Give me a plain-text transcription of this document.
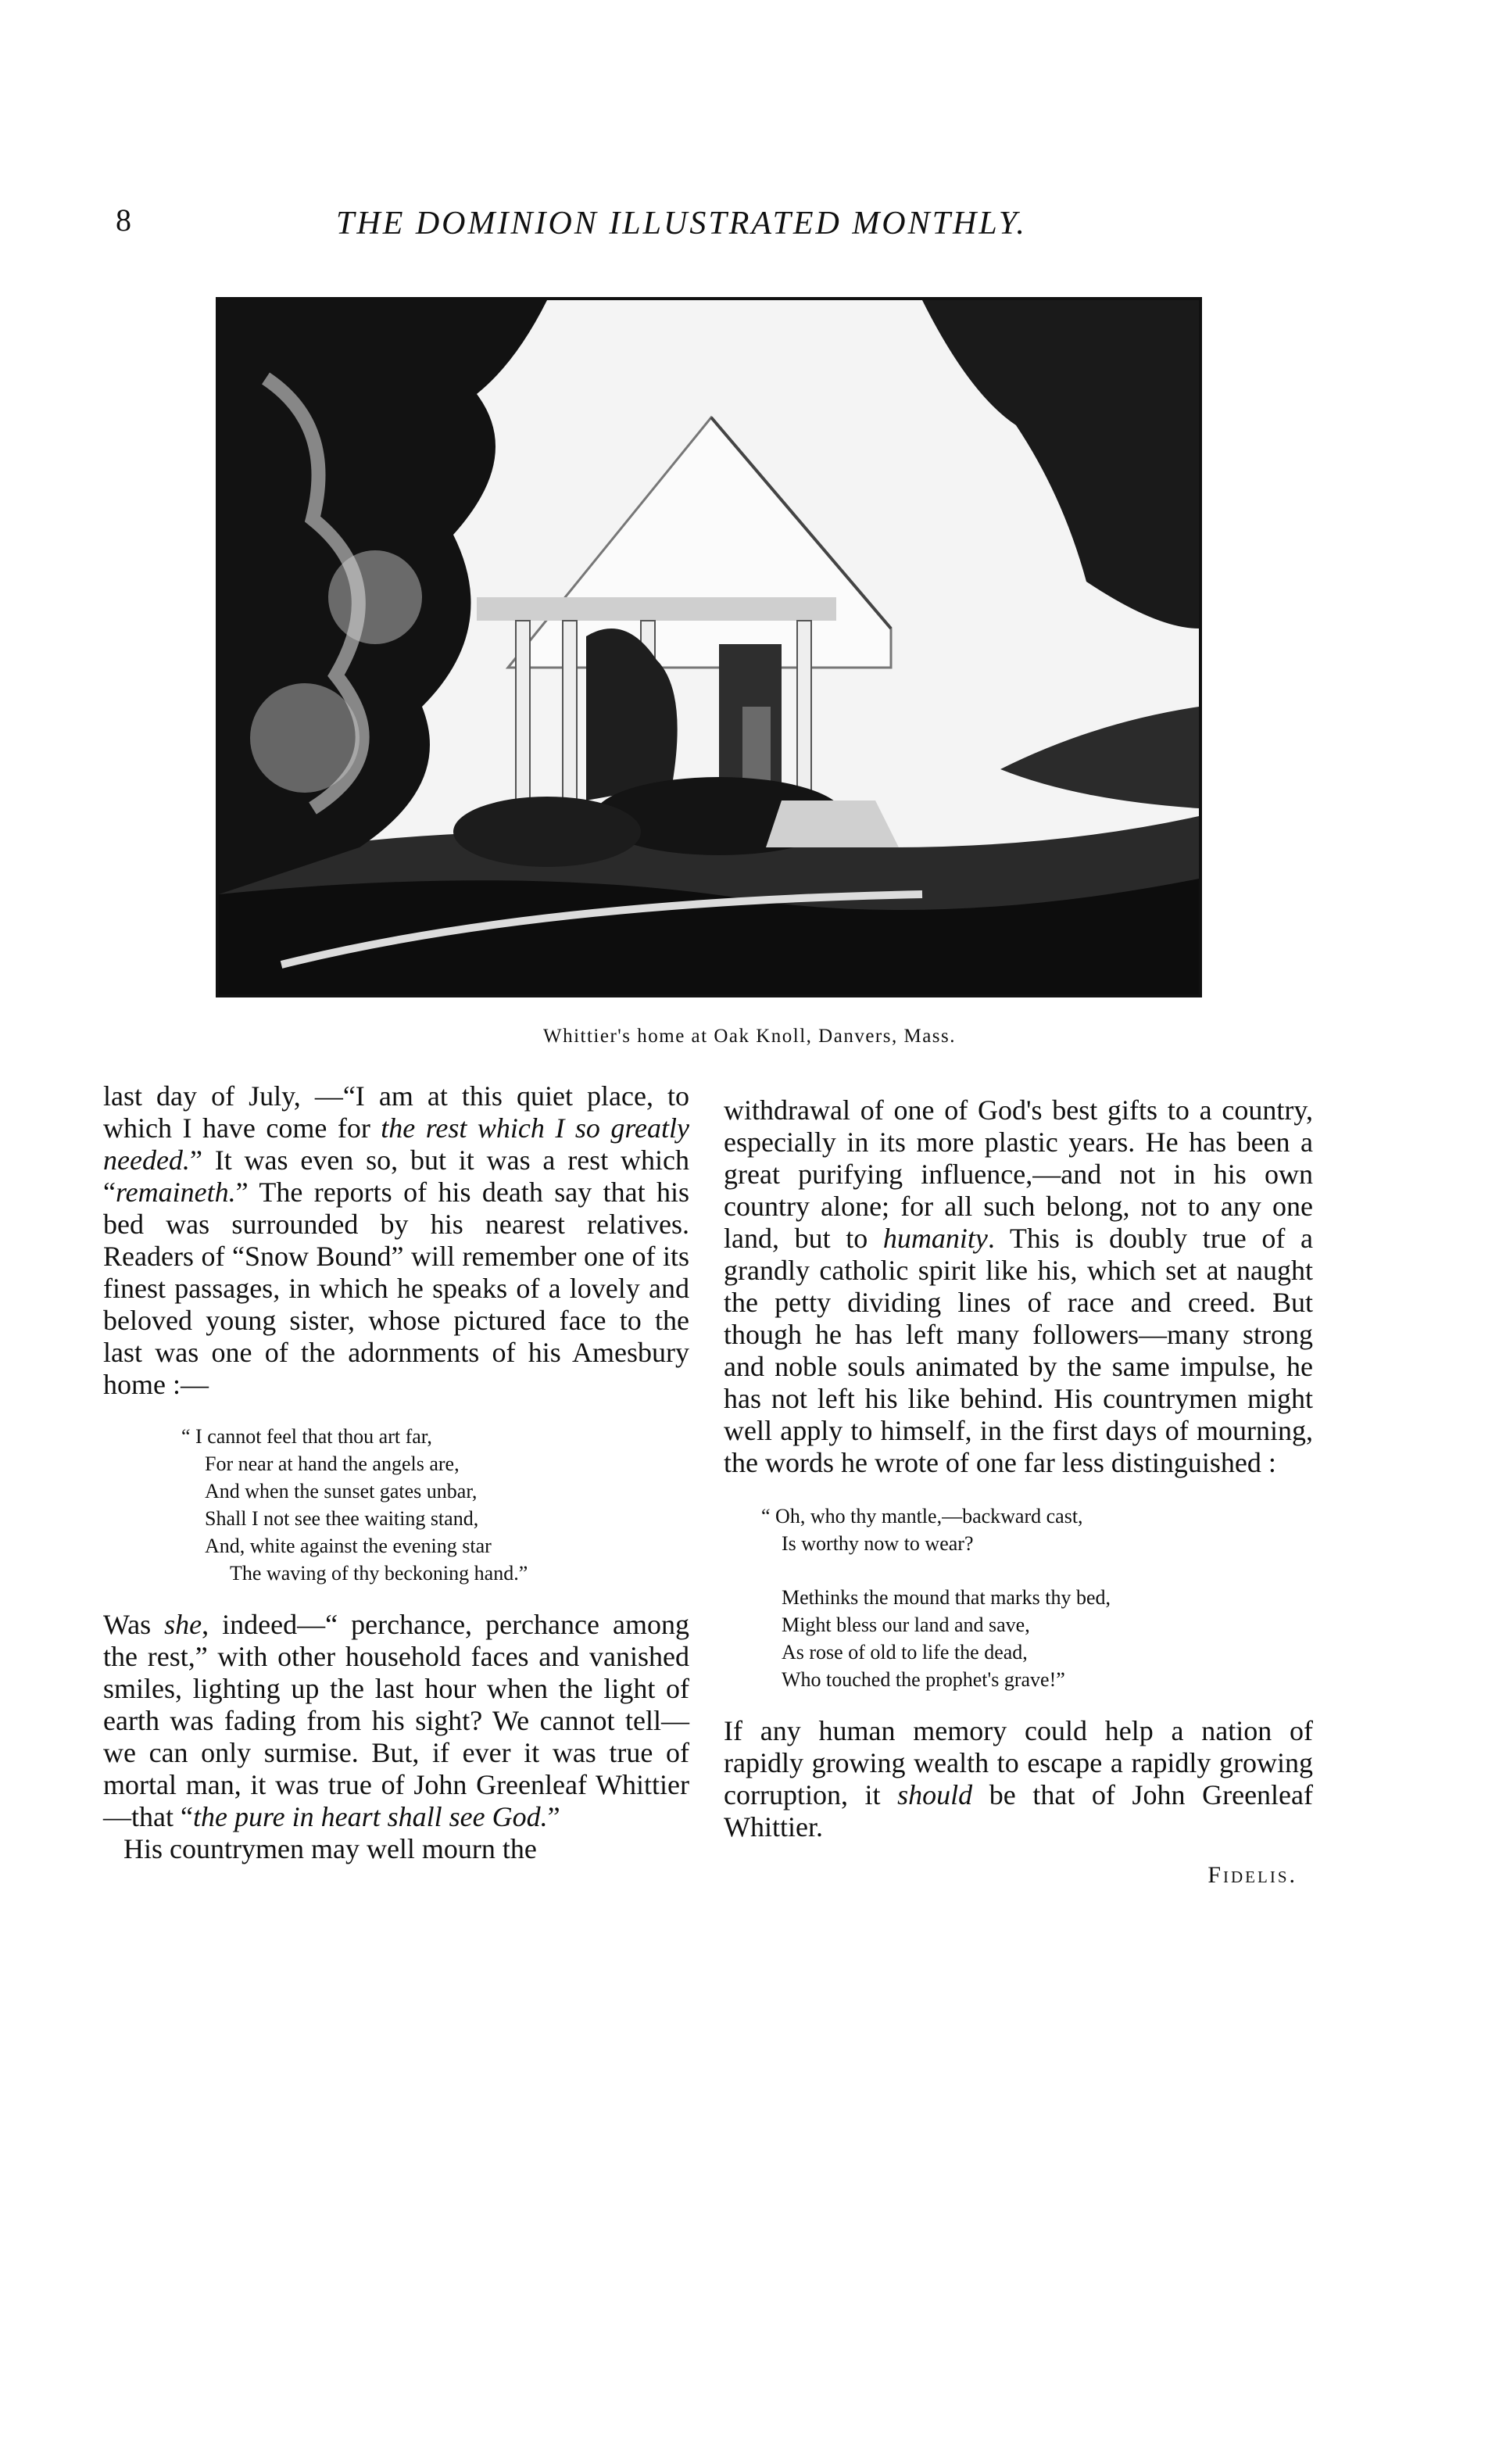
8	THE DOMINION ILLUSTRATED MONTHLY.
Whittier's home at Oak Knoll, Danvers, Mass.

last day of July, —“I am at this quiet place, to which I have come for the rest which I so greatly needed.” It was even so, but it was a rest which “remaineth.” The reports of his death say that his bed was surrounded by his nearest relatives. Readers of “Snow Bound” will remember one of its finest passages, in which he speaks of a lovely and beloved young sister, whose pictured face to the last was one of the adornments of his Amesbury home :—

“ I cannot feel that thou art far,
For near at hand the angels are,
And when the sunset gates unbar,
Shall I not see thee waiting stand,
And, white against the evening star
The waving of thy beckoning hand.”

Was she, indeed—“ perchance, perchance among the rest,” with other household faces and vanished smiles, lighting up the last hour when the light of earth was fading from his sight? We cannot tell—we can only surmise. But, if ever it was true of mortal man, it was true of John Greenleaf Whittier—that “the pure in heart shall see God.”

His countrymen may well mourn the

withdrawal of one of God's best gifts to a country, especially in its more plastic years. He has been a great purifying influence,—and not in his own country alone; for all such belong, not to any one land, but to humanity. This is doubly true of a grandly catholic spirit like his, which set at naught the petty dividing lines of race and creed. But though he has left many followers—many strong and noble souls animated by the same impulse, he has not left his like behind. His countrymen might well apply to himself, in the first days of mourning, the words he wrote of one far less distinguished :

“ Oh, who thy mantle,—backward cast,
Is worthy now to wear?
Methinks the mound that marks thy bed,
Might bless our land and save,
As rose of old to life the dead,
Who touched the prophet's grave!”

If any human memory could help a nation of rapidly growing wealth to escape a rapidly growing corruption, it should be that of John Greenleaf Whittier.

Fidelis.
